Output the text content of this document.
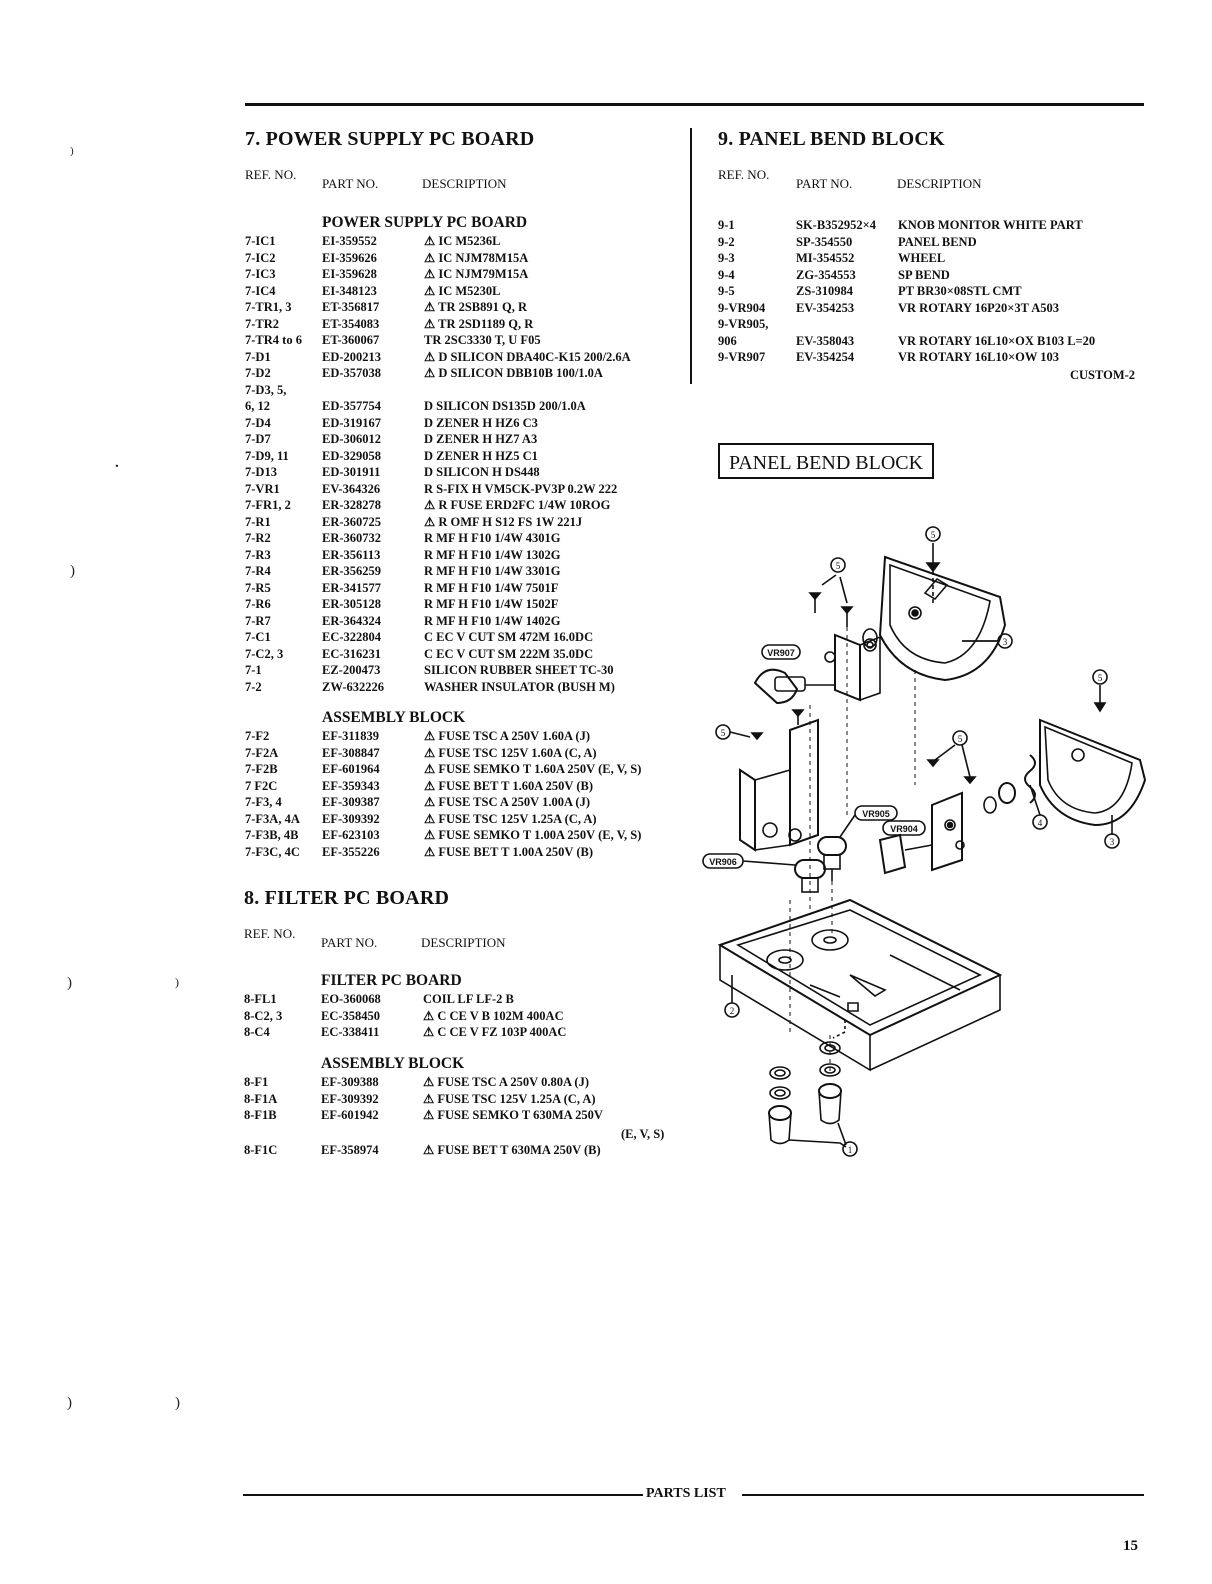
)
)
)	)
)	)
.
7. POWER SUPPLY PC BOARD
REF. NO.
PART NO.	DESCRIPTION
POWER SUPPLY PC BOARD
7-IC1	EI-359552	⚠ IC M5236L
7-IC2	EI-359626	⚠ IC NJM78M15A
7-IC3	EI-359628	⚠ IC NJM79M15A
7-IC4	EI-348123	⚠ IC M5230L
7-TR1, 3 ET-356817	⚠ TR 2SB891 Q, R
7-TR2	ET-354083	⚠ TR 2SD1189 Q, R
7-TR4 to 6 ET-360067	TR 2SC3330 T, U F05
7-D1	ED-200213	⚠ D SILICON DBA40C-K15 200/2.6A
7-D2	ED-357038	⚠ D SILICON DBB10B 100/1.0A
7-D3, 5,
6, 12	ED-357754	D SILICON DS135D 200/1.0A
7-D4	ED-319167	D ZENER H HZ6 C3
7-D7	ED-306012	D ZENER H HZ7 A3
7-D9, 11	ED-329058	D ZENER H HZ5 C1
7-D13	ED-301911	D SILICON H DS448
7-VR1	EV-364326	R S-FIX H VM5CK-PV3P 0.2W 222
7-FR1, 2 ER-328278	⚠ R FUSE ERD2FC 1/4W 10ROG
7-R1	ER-360725	⚠ R OMF H S12 FS 1W 221J
7-R2	ER-360732	R MF H F10 1/4W 4301G
7-R3	ER-356113	R MF H F10 1/4W 1302G
7-R4	ER-356259	R MF H F10 1/4W 3301G
7-R5	ER-341577	R MF H F10 1/4W 7501F
7-R6	ER-305128	R MF H F10 1/4W 1502F
7-R7	ER-364324	R MF H F10 1/4W 1402G
7-C1	EC-322804	C EC V CUT SM 472M 16.0DC
7-C2, 3	EC-316231	C EC V CUT SM 222M 35.0DC
7-1	EZ-200473	SILICON RUBBER SHEET TC-30
7-2	ZW-632226	WASHER INSULATOR (BUSH M)
ASSEMBLY BLOCK
7-F2	EF-311839	⚠ FUSE TSC A 250V 1.60A (J)
7-F2A	EF-308847	⚠ FUSE TSC 125V 1.60A (C, A)
7-F2B	EF-601964	⚠ FUSE SEMKO T 1.60A 250V (E, V, S)
7 F2C	EF-359343	⚠ FUSE BET T 1.60A 250V (B)
7-F3, 4	EF-309387	⚠ FUSE TSC A 250V 1.00A (J)
7-F3A, 4A EF-309392	⚠ FUSE TSC 125V 1.25A (C, A)
7-F3B, 4B EF-623103	⚠ FUSE SEMKO T 1.00A 250V (E, V, S)
7-F3C, 4C EF-355226	⚠ FUSE BET T 1.00A 250V (B)
8. FILTER PC BOARD
REF. NO.
PART NO.	DESCRIPTION
FILTER PC BOARD
8-FL1	EO-360068	COIL LF LF-2 B
8-C2, 3	EC-358450	⚠ C CE V B 102M 400AC
8-C4	EC-338411	⚠ C CE V FZ 103P 400AC
ASSEMBLY BLOCK
8-F1	EF-309388	⚠ FUSE TSC A 250V 0.80A (J)
8-F1A	EF-309392	⚠ FUSE TSC 125V 1.25A (C, A)
8-F1B	EF-601942	⚠ FUSE SEMKO T 630MA 250V
(E, V, S)
8-F1C	EF-358974	⚠ FUSE BET T 630MA 250V (B)
9. PANEL BEND BLOCK
REF. NO.
PART NO.	DESCRIPTION
9-1	SK-B352952×4 KNOB MONITOR WHITE PART
9-2	SP-354550	PANEL BEND
9-3	MI-354552	WHEEL
9-4	ZG-354553	SP BEND
9-5	ZS-310984	PT BR30×08STL CMT
9-VR904 EV-354253	VR ROTARY 16P20×3T A503
9-VR905,
906	EV-358043	VR ROTARY 16L10×OX B103 L=20
9-VR907 EV-354254	VR ROTARY 16L10×OW 103
CUSTOM-2
PANEL BEND BLOCK
VR907
5
5
3
5
3
4
5
5
VR905
VR904
VR906
2
1
PARTS LIST
15
